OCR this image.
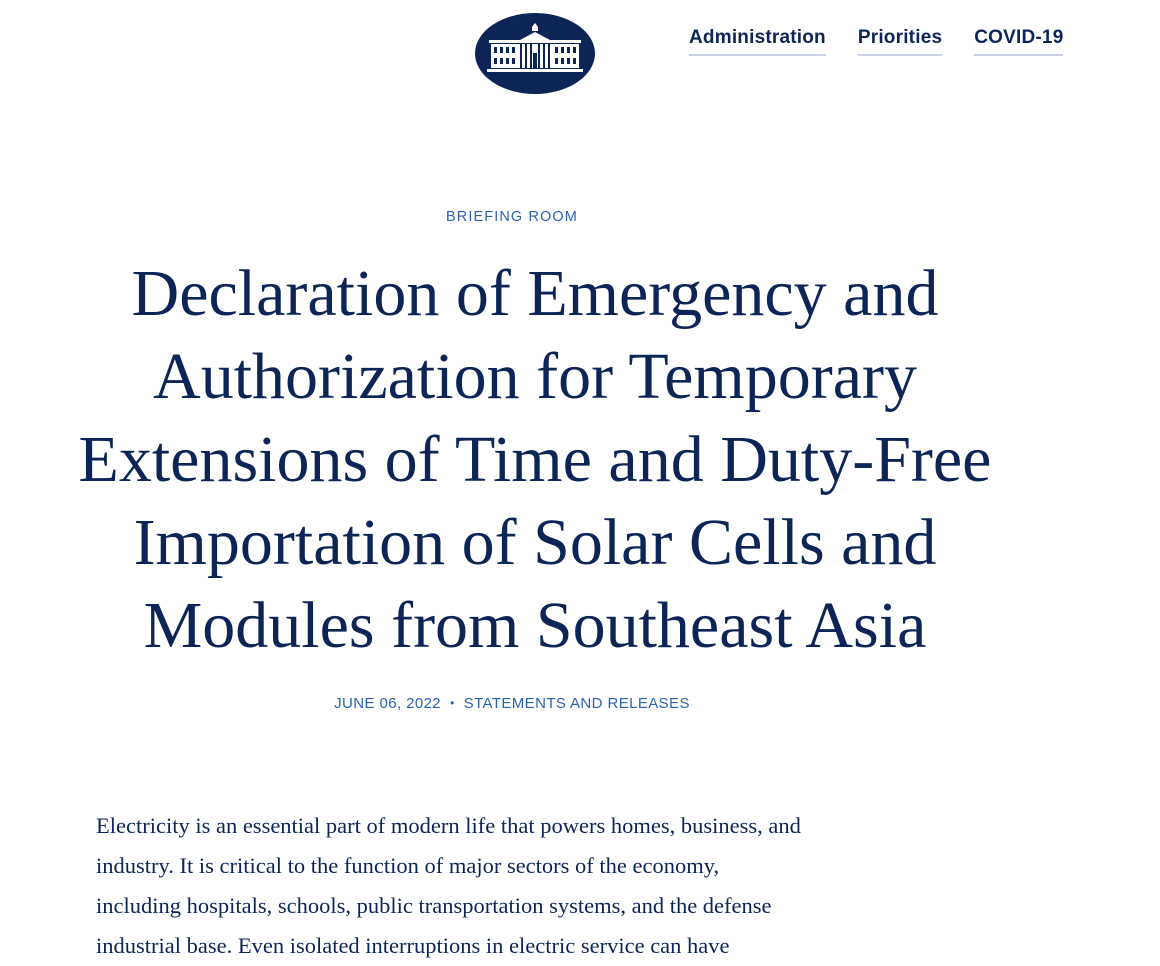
Administration Priorities COVID-19
BRIEFING ROOM
Declaration of Emergency and
Authorization for Temporary
Extensions of Time and Duty-Free
Importation of Solar Cells and
Modules from Southeast Asia
JUNE 06, 2022 • STATEMENTS AND RELEASES

Electricity is an essential part of modern life that powers homes, business, and
industry. It is critical to the function of major sectors of the economy,
including hospitals, schools, public transportation systems, and the defense
industrial base. Even isolated interruptions in electric service can have
